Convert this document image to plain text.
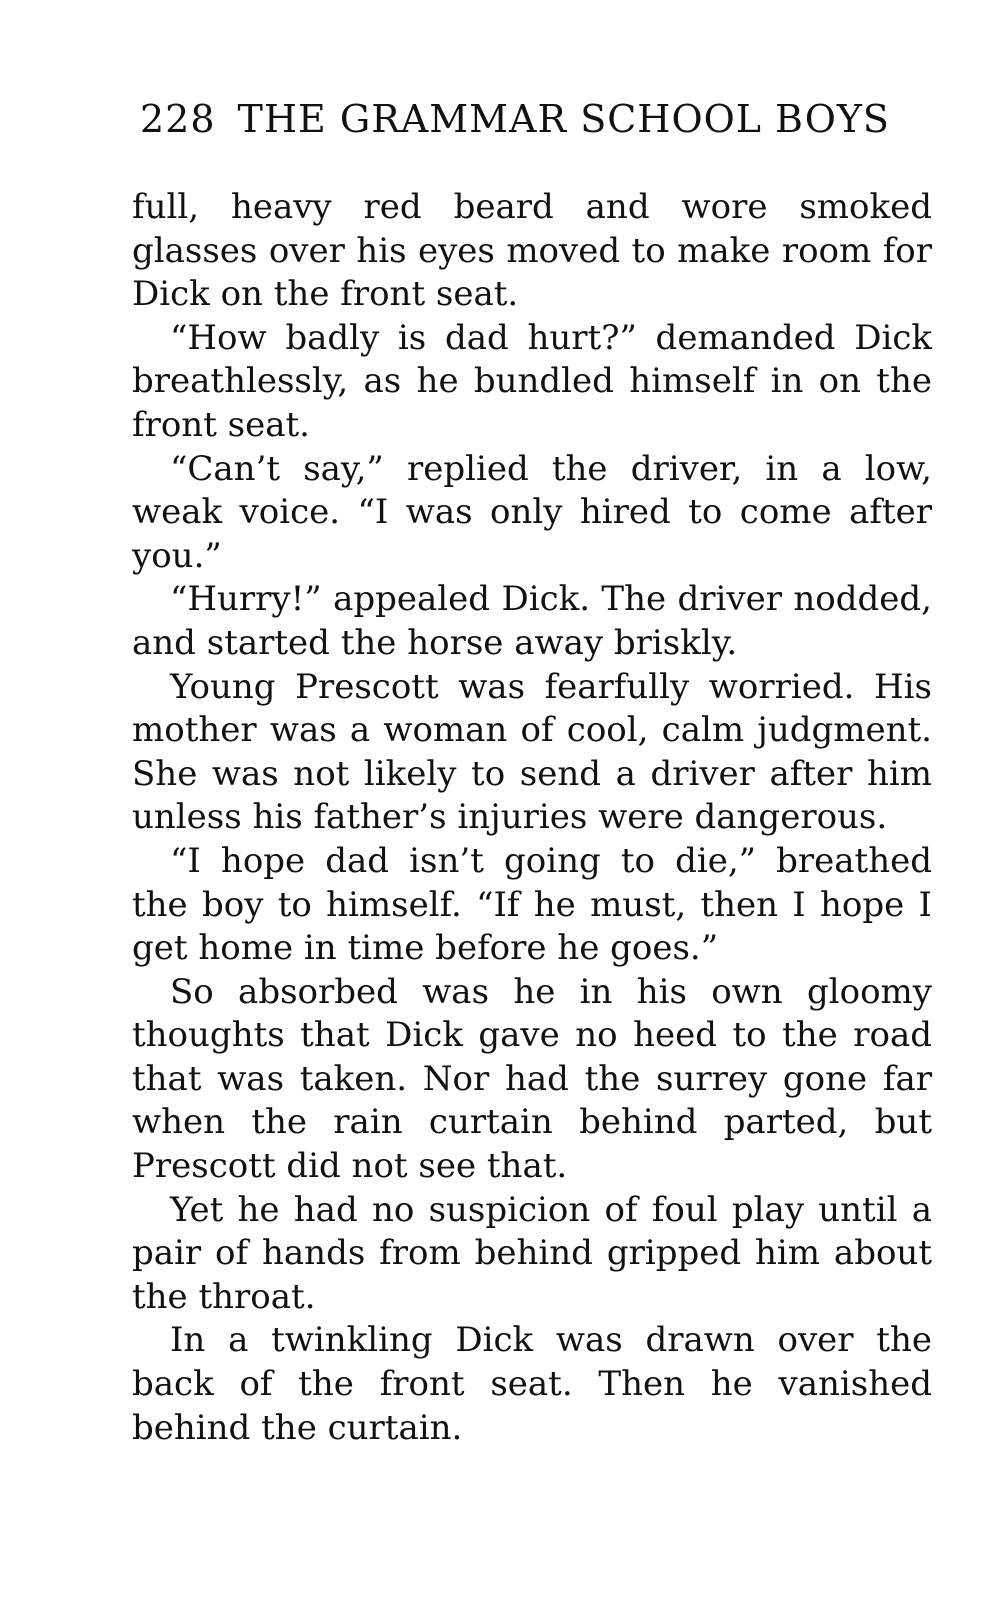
228 THE GRAMMAR SCHOOL BOYS

full, heavy red beard and wore smoked glasses over his eyes moved to make room for Dick on the front seat.

“How badly is dad hurt?” demanded Dick breathlessly, as he bundled himself in on the front seat.

“Can’t say,” replied the driver, in a low, weak voice. “I was only hired to come after you.”

“Hurry!” appealed Dick. The driver nodded, and started the horse away briskly.

Young Prescott was fearfully worried. His mother was a woman of cool, calm judgment. She was not likely to send a driver after him unless his father’s injuries were dangerous.

“I hope dad isn’t going to die,” breathed the boy to himself. “If he must, then I hope I get home in time before he goes.”

So absorbed was he in his own gloomy thoughts that Dick gave no heed to the road that was taken. Nor had the surrey gone far when the rain curtain behind parted, but Prescott did not see that.

Yet he had no suspicion of foul play until a pair of hands from behind gripped him about the throat.

In a twinkling Dick was drawn over the back of the front seat. Then he vanished behind the curtain.
